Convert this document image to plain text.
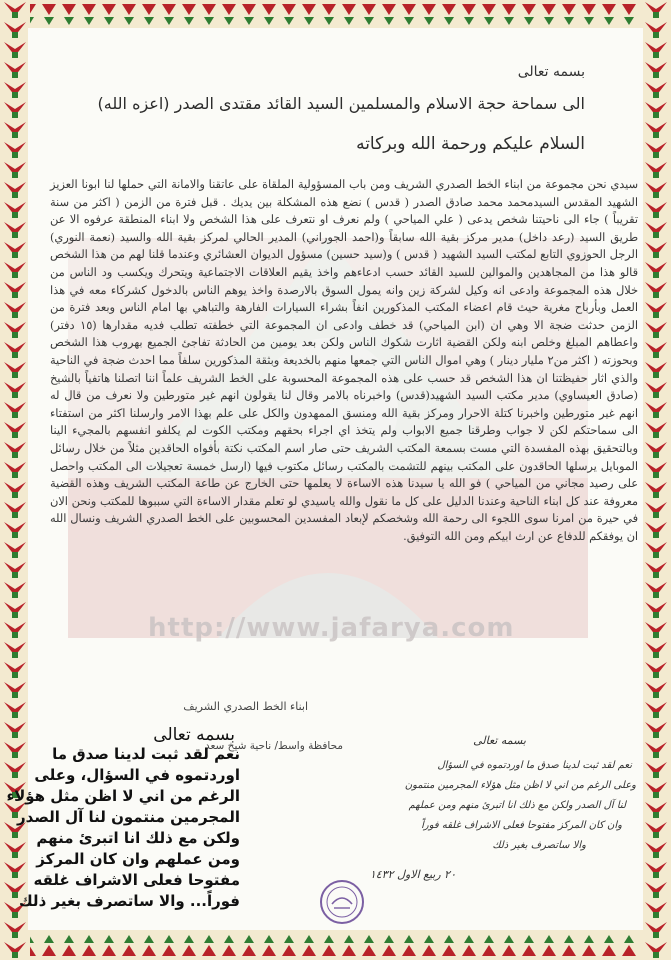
http://www.jafarya.com
بسمه تعالى
الى سماحة حجة الاسلام والمسلمين السيد القائد مقتدى الصدر (اعزه الله)
السلام عليكم ورحمة الله وبركاته

سيدي نحن مجموعة من ابناء الخط الصدري الشريف ومن باب المسؤولية الملقاة على عاتقنا والامانة التي حملها لنا ابونا العزيز الشهيد المقدس السيدمحمد محمد صادق الصدر ( قدس ) نضع هذه المشكلة بين يديك . قبل فترة من الزمن ( اكثر من سنة تقريباً ) جاء الى ناحيتنا شخص يدعى ( علي المياحي ) ولم نعرف او نتعرف على هذا الشخص ولا ابناء المنطقة عرفوه الا عن طريق السيد (رعد داخل) مدير مركز بقية الله سابقاً و(احمد الجوراني) المدير الحالي لمركز بقية الله والسيد (نعمة النوري) الرجل الحوزوي التابع لمكتب السيد الشهيد ( قدس ) و(سيد حسين) مسؤول الديوان العشائري وعندما قلنا لهم من هذا الشخص قالو هذا من المجاهدين والموالين للسيد القائد حسب ادعاءهم واخذ يقيم العلاقات الاجتماعية ويتحرك ويكسب ود الناس من خلال هذه المجموعة وادعى انه وكيل لشركة زين وانه يمول السوق بالارصدة واخذ يوهم الناس بالدخول كشركاء معه في هذا العمل وبأرباح مغرية حيث قام اعضاء المكتب المذكورين انفاً بشراء السيارات الفارهة والتباهي بها امام الناس وبعد فترة من الزمن حدثت ضجة الا وهي ان (ابن المياحي) قد خطف وادعى ان المجموعة التي خطفته تطلب فديه مقدارها (١٥ دفتر) واعطاهم المبلغ وخلص ابنه ولكن القضية اثارت شكوك الناس ولكن بعد يومين من الحادثة تفاجئ الجميع بهروب هذا الشخص وبحوزته ( اكثر من٢ مليار دينار ) وهي اموال الناس التي جمعها منهم بالخديعة وبثقة المذكورين سلفاً مما احدث ضجة في الناحية والذي اثار حفيظتنا ان هذا الشخص قد حسب على هذه المجموعة المحسوبة على الخط الشريف علماً اننا اتصلنا هاتفياً بالشيخ (صادق العيساوي) مدير مكتب السيد الشهيد(قدس) واخبرناه بالامر وقال لنا يقولون انهم غير متورطين ولا نعرف من قال له انهم غير متورطين واخبرنا كتلة الاحرار ومركز بقية الله ومنسق الممهدون والكل على علم بهذا الامر وارسلنا اكثر من استفتاء الى سماحتكم لكن لا جواب وطرقنا جميع الابواب ولم يتخذ اي اجراء بحقهم ومكتب الكوت لم يكلفو انفسهم بالمجيء الينا وبالتحقيق بهذه المفسدة التي مست بسمعة المكتب الشريف حتى صار اسم المكتب نكتة بأفواه الحاقدين مثلاً من خلال رسائل الموبايل يرسلها الحاقدون على المكتب بينهم للتشمت بالمكتب رسائل مكتوب فيها (ارسل خمسة تعجيلات الى المكتب واحصل على رصيد مجاني من المياحي ) فو الله يا سيدنا هذه الاساءة لا يعلمها حتى الخارج عن طاعة المكتب الشريف وهذه القضية معروفة عند كل ابناء الناحية وعندنا الدليل على كل ما نقول والله ياسيدي لو تعلم مقدار الاساءة التي سببوها للمكتب ونحن الان في حيرة من امرنا سوى اللجوء الى رحمة الله وشخصكم لإبعاد المفسدين المحسوبين على الخط الصدري الشريف ونسال الله ان يوفقكم للدفاع عن ارث ابيكم ومن الله التوفيق.

ابناء الخط الصدري الشريف
محافظة واسط/ ناحية شيخ سعد	بسمه تعالى
نعم لقد ثبت لدينا صدق ما اوردتموه في السؤال
وعلى الرغم من اني لا اظن مثل هؤلاء المجرمين منتمون
لنا آل الصدر ولكن مع ذلك انا اتبرئ منهم ومن عملهم
وان كان المركز مفتوحا فعلى الاشراف غلقه فوراً
والا ساتصرف بغير ذلك
٢٠ ربيع الاول ١٤٣٢
بسمه تعالى
نعم لقد ثبت لدينا صدق ما اوردتموه في السؤال، وعلى الرغم من اني لا اظن مثل هؤلاء المجرمين منتمون لنا آل الصدر ولكن مع ذلك انا اتبرئ منهم ومن عملهم وان كان المركز مفتوحا فعلى الاشراف غلقه فوراً... والا ساتصرف بغير ذلك
